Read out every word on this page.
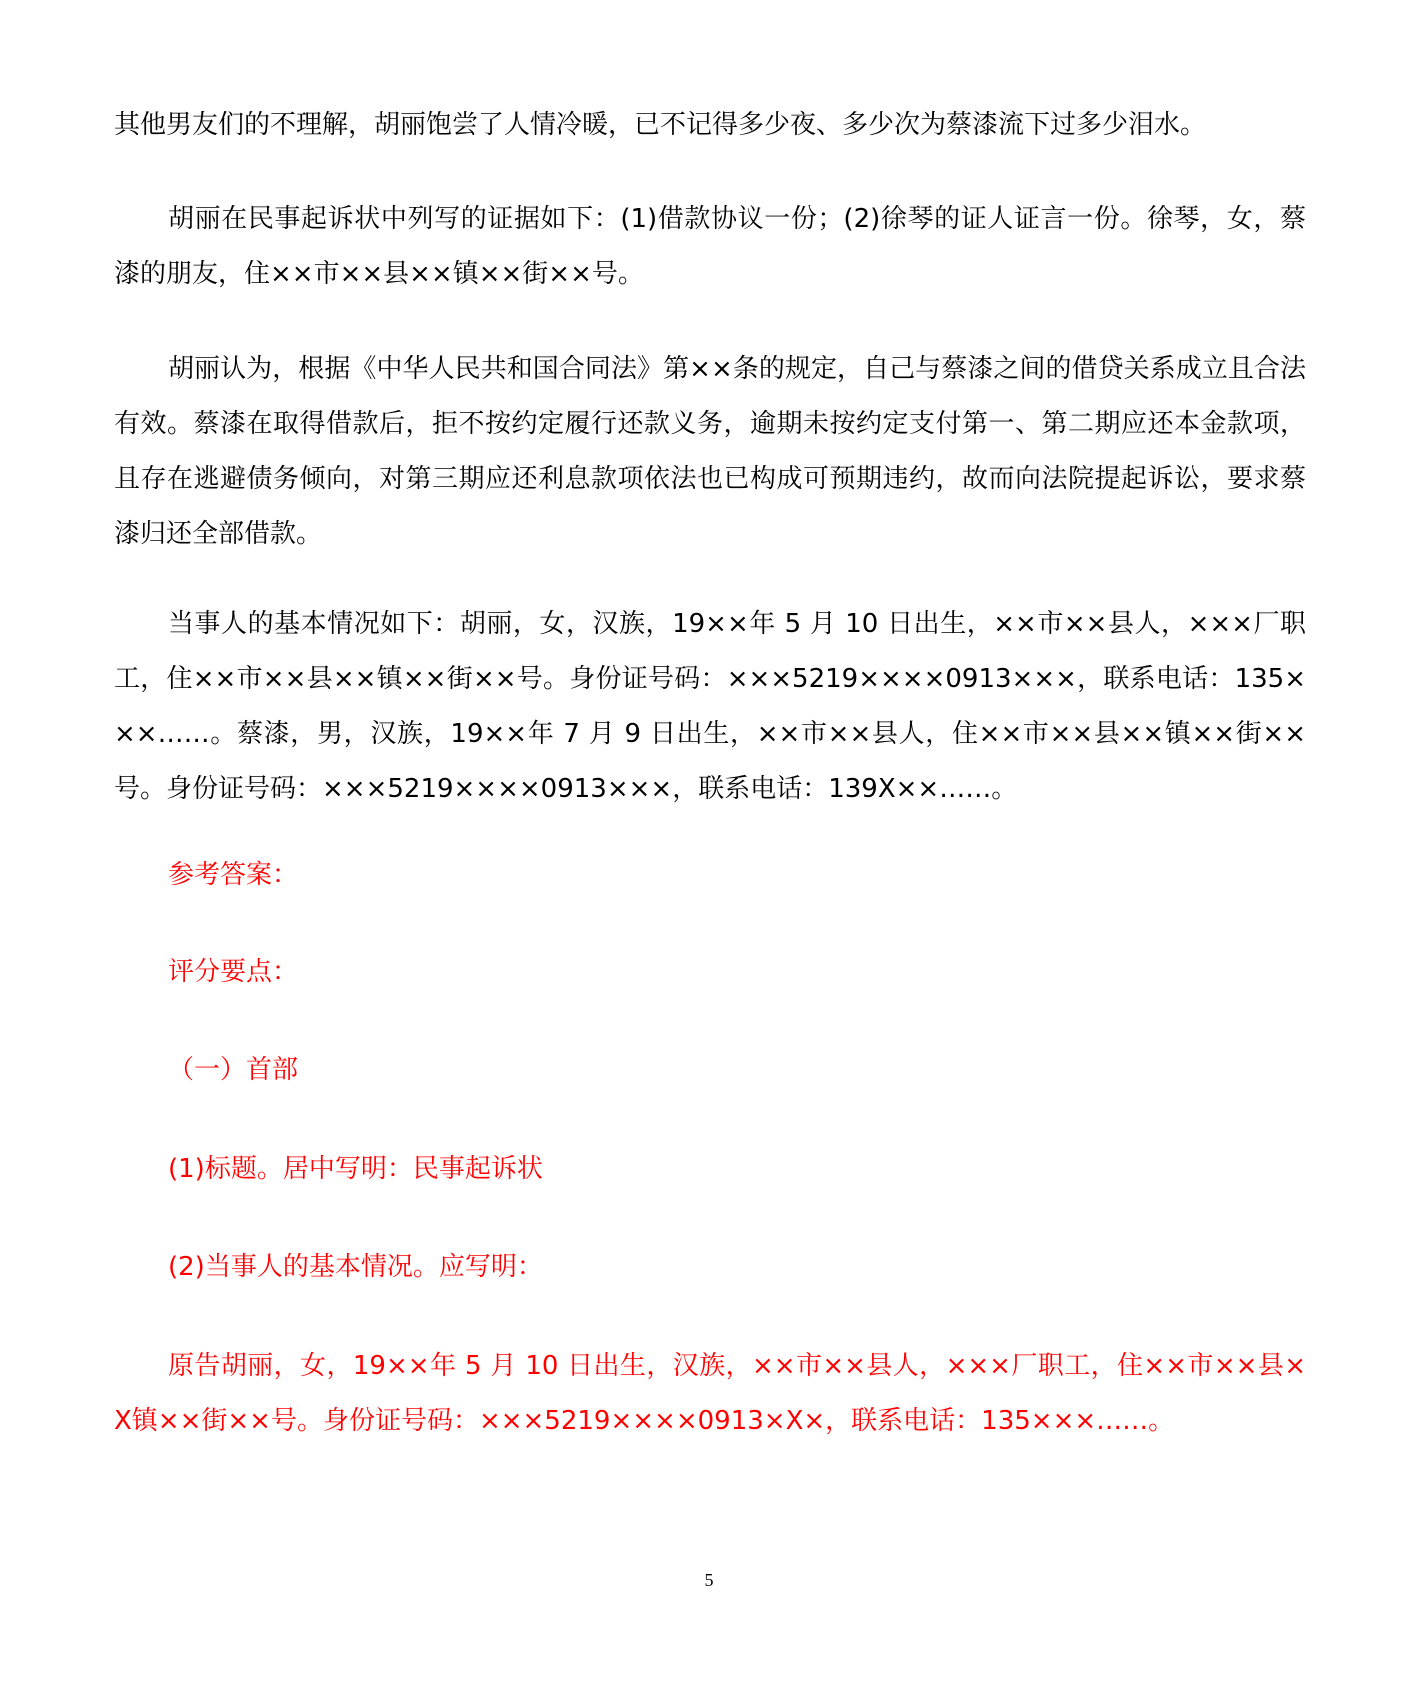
其他男友们的不理解，胡丽饱尝了人情冷暖，已不记得多少夜、多少次为蔡漆流下过多少泪水。

胡丽在民事起诉状中列写的证据如下：(1)借款协议一份；(2)徐琴的证人证言一份。徐琴，女，蔡漆的朋友，住××市××县××镇××街××号。

胡丽认为，根据《中华人民共和国合同法》第××条的规定，自己与蔡漆之间的借贷关系成立且合法有效。蔡漆在取得借款后，拒不按约定履行还款义务，逾期未按约定支付第一、第二期应还本金款项，且存在逃避债务倾向，对第三期应还利息款项依法也已构成可预期违约，故而向法院提起诉讼，要求蔡漆归还全部借款。

当事人的基本情况如下：胡丽，女，汉族，19××年 5 月 10 日出生，××市××县人，×××厂职工，住××市××县××镇××街××号。身份证号码：×××5219××××0913×××，联系电话：135×××……。蔡漆，男，汉族，19××年 7 月 9 日出生，××市××县人，住××市××县××镇××街××号。身份证号码：×××5219××××0913×××，联系电话：139X××……。

参考答案：

评分要点：

（一）首部

(1)标题。居中写明：民事起诉状

(2)当事人的基本情况。应写明：

原告胡丽，女，19××年 5 月 10 日出生，汉族，××市××县人，×××厂职工，住××市××县×X镇××街××号。身份证号码：×××5219××××0913×X×，联系电话：135×××……。

5
